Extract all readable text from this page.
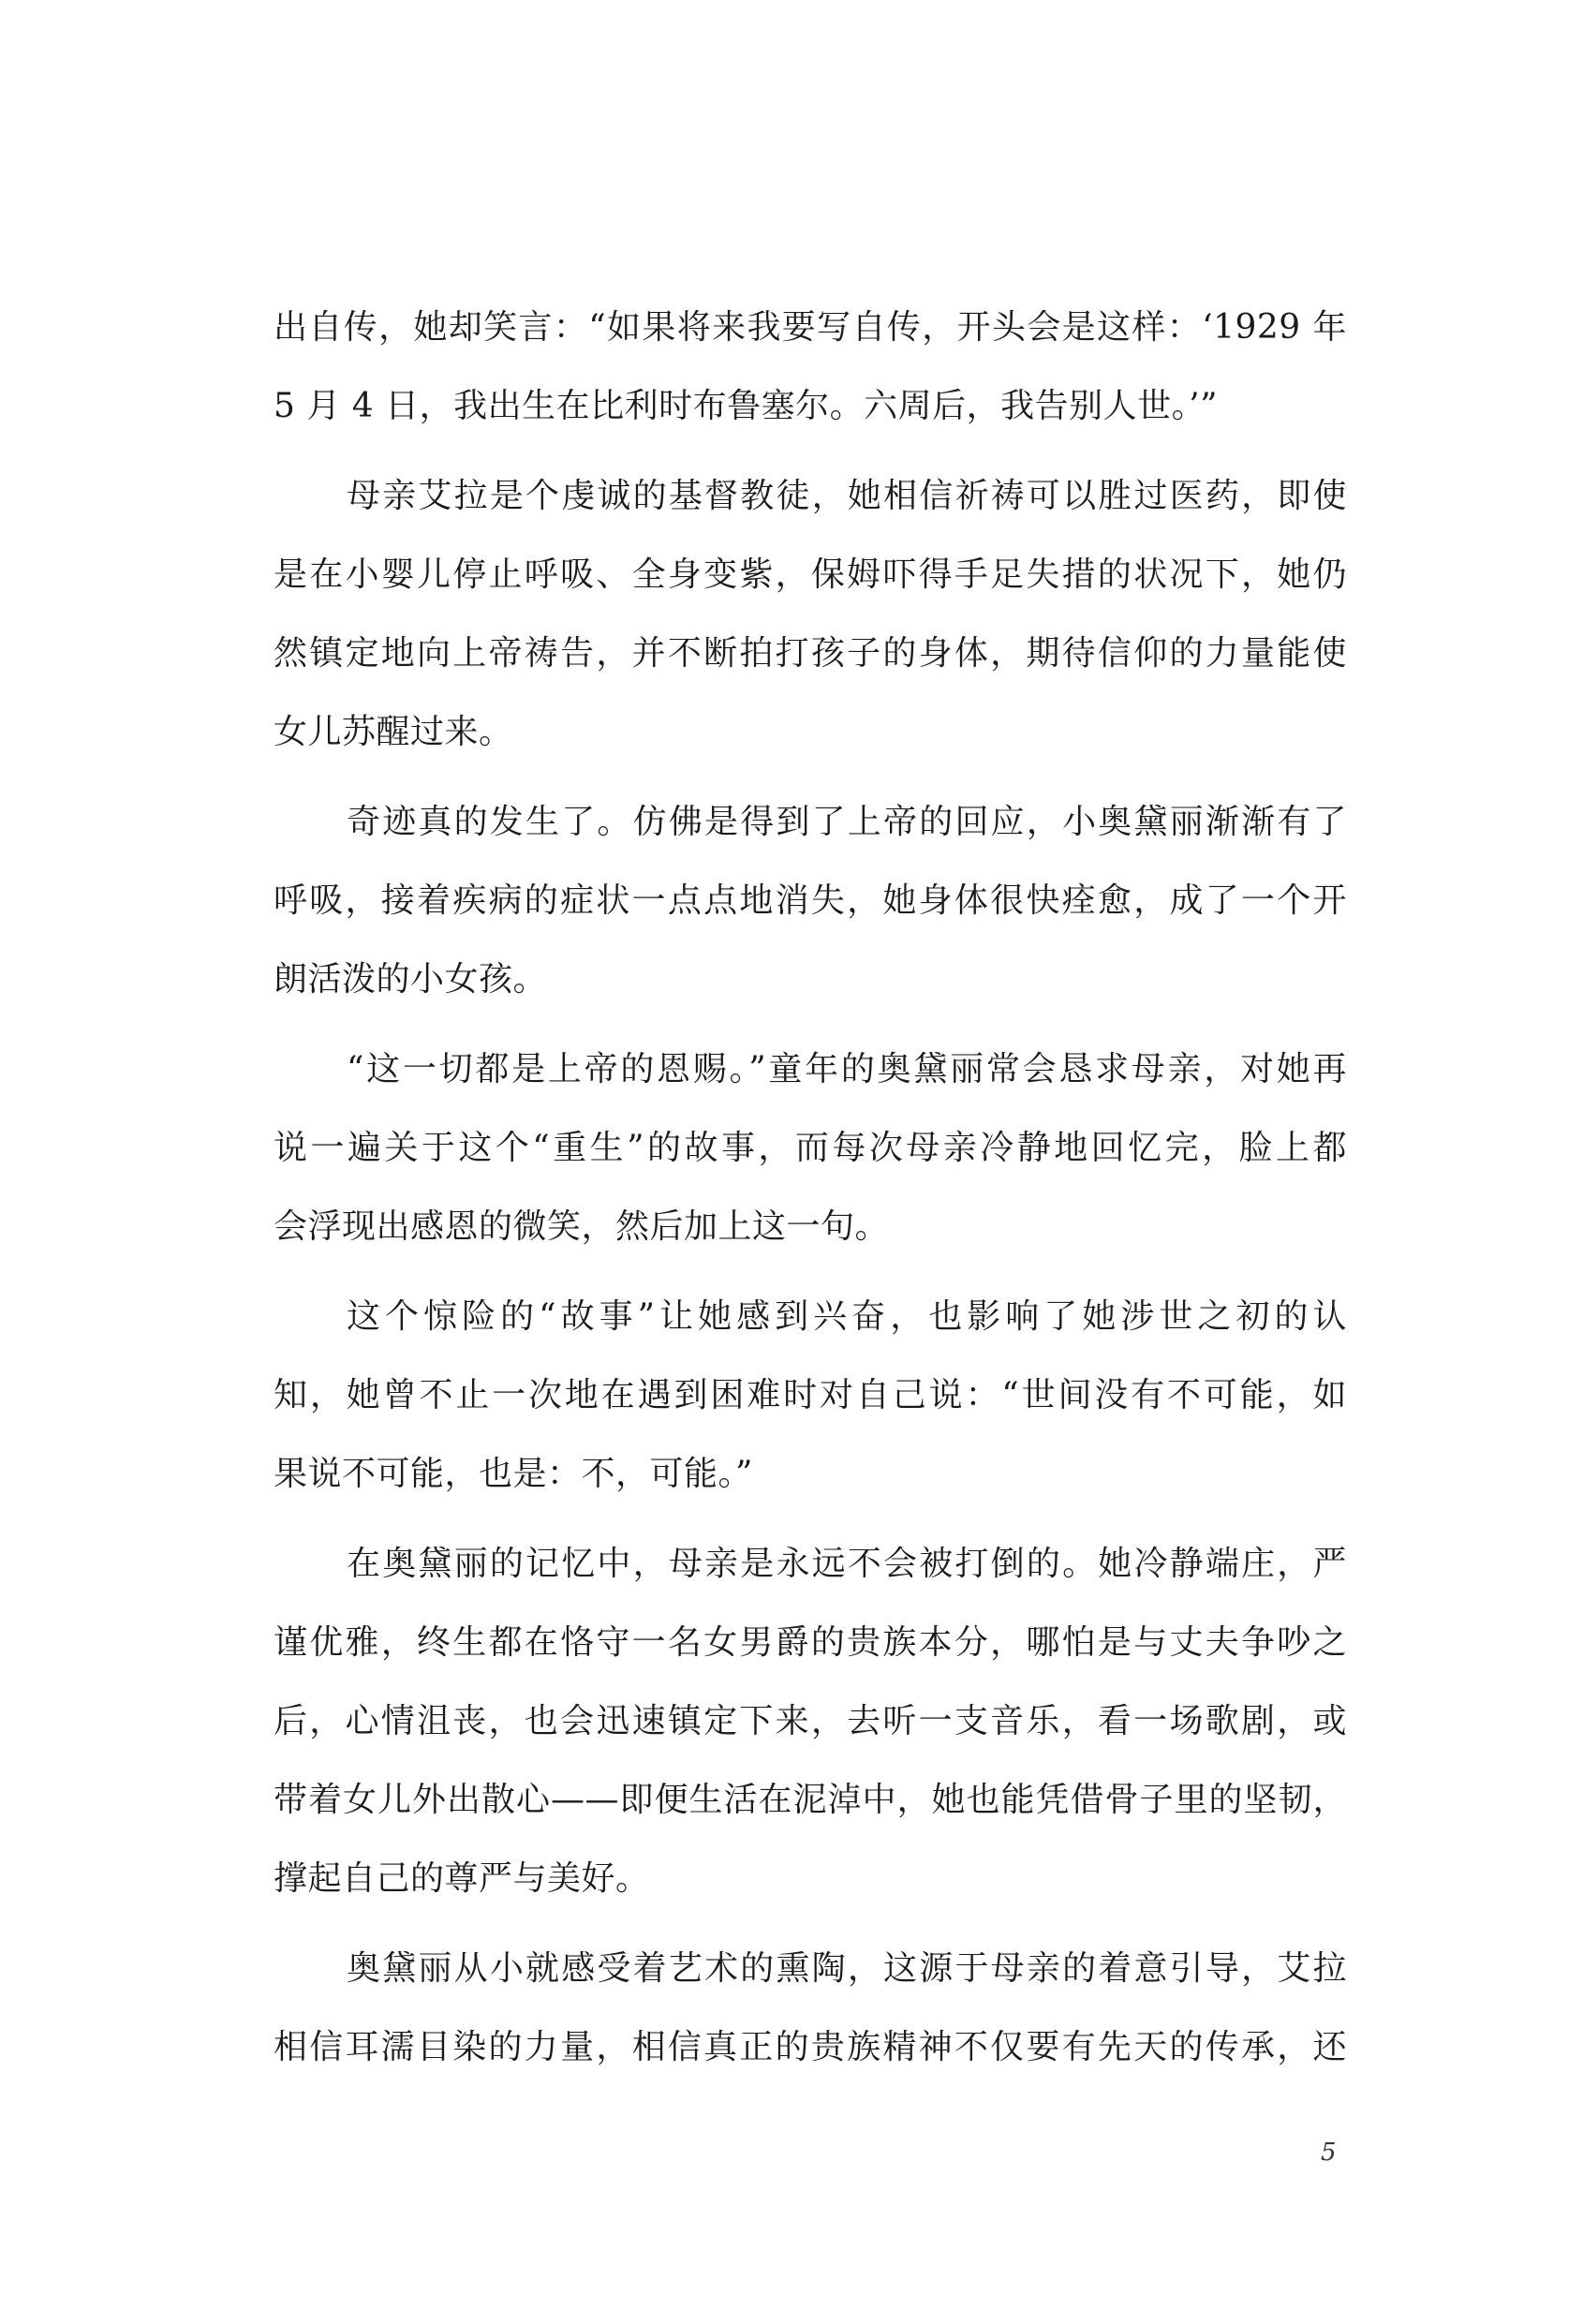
出自传，她却笑言：“如果将来我要写自传，开头会是这样：‘1929 年
5 月 4 日，我出生在比利时布鲁塞尔。六周后，我告别人世。’”
母亲艾拉是个虔诚的基督教徒，她相信祈祷可以胜过医药，即使
是在小婴儿停止呼吸、全身变紫，保姆吓得手足失措的状况下，她仍
然镇定地向上帝祷告，并不断拍打孩子的身体，期待信仰的力量能使
女儿苏醒过来。
奇迹真的发生了。仿佛是得到了上帝的回应，小奥黛丽渐渐有了
呼吸，接着疾病的症状一点点地消失，她身体很快痊愈，成了一个开
朗活泼的小女孩。
“这一切都是上帝的恩赐。”童年的奥黛丽常会恳求母亲，对她再
说一遍关于这个“重生”的故事，而每次母亲冷静地回忆完，脸上都
会浮现出感恩的微笑，然后加上这一句。
这个惊险的“故事”让她感到兴奋，也影响了她涉世之初的认
知，她曾不止一次地在遇到困难时对自己说：“世间没有不可能，如
果说不可能，也是：不，可能。”
在奥黛丽的记忆中，母亲是永远不会被打倒的。她冷静端庄，严
谨优雅，终生都在恪守一名女男爵的贵族本分，哪怕是与丈夫争吵之
后，心情沮丧，也会迅速镇定下来，去听一支音乐，看一场歌剧，或
带着女儿外出散心——即便生活在泥淖中，她也能凭借骨子里的坚韧，
撑起自己的尊严与美好。
奥黛丽从小就感受着艺术的熏陶，这源于母亲的着意引导，艾拉
相信耳濡目染的力量，相信真正的贵族精神不仅要有先天的传承，还
5
